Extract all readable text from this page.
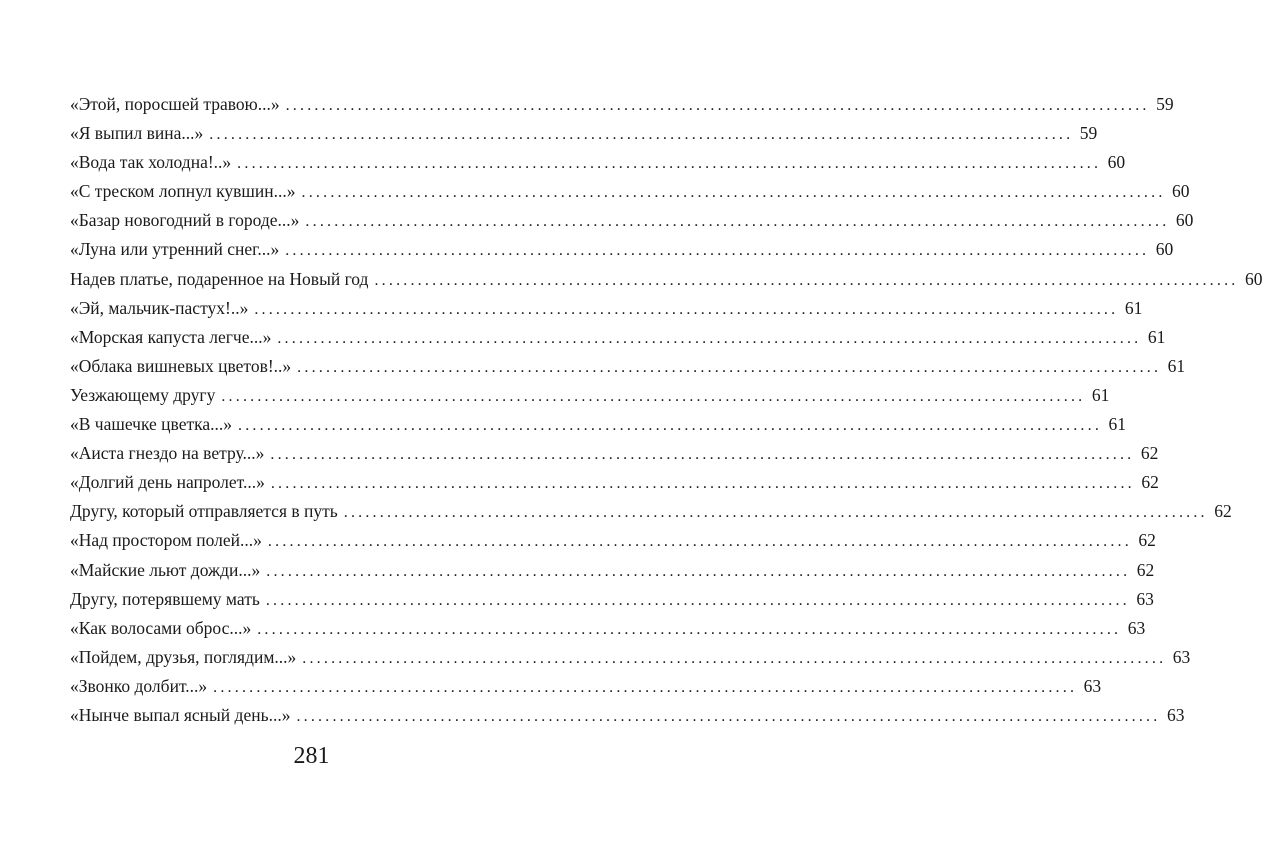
«Этой, поросшей травою...» ........................................................................................................................ 59
«Я выпил вина...» ........................................................................................................................ 59
«Вода так холодна!..» ........................................................................................................................ 60
«С треском лопнул кувшин...» ........................................................................................................................ 60
«Базар новогодний в городе...» ........................................................................................................................ 60
«Луна или утренний снег...» ........................................................................................................................ 60
Надев платье, подаренное на Новый год ........................................................................................................................ 60
«Эй, мальчик-пастух!..» ........................................................................................................................ 61
«Морская капуста легче...» ........................................................................................................................ 61
«Облака вишневых цветов!..» ........................................................................................................................ 61
Уезжающему другу ........................................................................................................................ 61
«В чашечке цветка...» ........................................................................................................................ 61
«Аиста гнездо на ветру...» ........................................................................................................................ 62
«Долгий день напролет...» ........................................................................................................................ 62
Другу, который отправляется в путь ........................................................................................................................ 62
«Над простором полей...» ........................................................................................................................ 62
«Майские льют дожди...» ........................................................................................................................ 62
Другу, потерявшему мать ........................................................................................................................ 63
«Как волосами оброс...» ........................................................................................................................ 63
«Пойдем, друзья, поглядим...» ........................................................................................................................ 63
«Звонко долбит...» ........................................................................................................................ 63
«Нынче выпал ясный день...» ........................................................................................................................ 63
281
